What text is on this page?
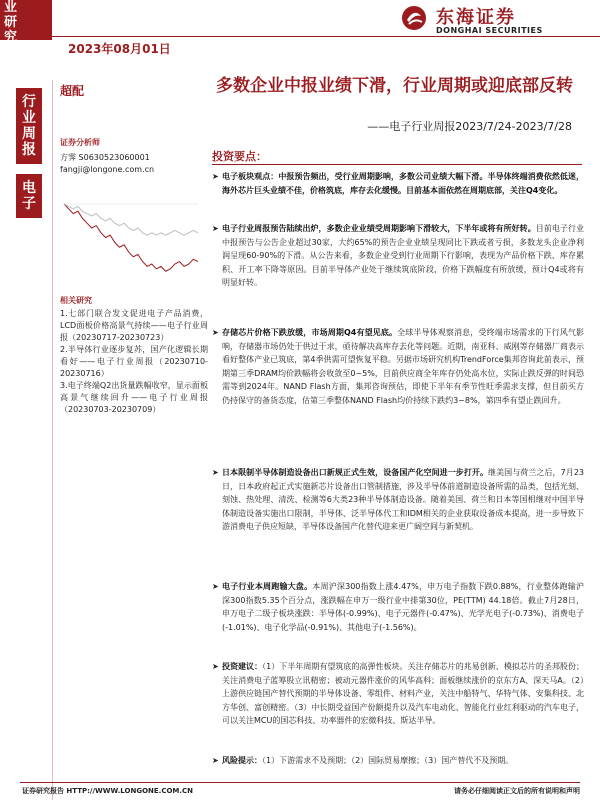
业研究
2023年08月01日
东海证券
DONGHAI SECURITIES
行业周报
电子
超配
证券分析师
方霁 S0630523060001
fangji@longone.com.cn
相关研究

1.七部门联合发文促进电子产品消费，LCD面板价格高景气持续——电子行业周报（20230717-20230723）

2.半导体行业逐步复苏，国产化逻辑长期看好——电子行业周报（20230710-20230716）

3.电子终端Q2出货量跌幅收窄，显示面板高景气继续回升——电子行业周报（20230703-20230709）

多数企业中报业绩下滑，行业周期或迎底部反转
——电子行业周报2023/7/24-2023/7/28
投资要点：
➤ 电子板块观点：中报预告频出，受行业周期影响，多数公司业绩大幅下滑。半导体终端消费依然低迷，海外芯片巨头业绩不佳，价格筑底，库存去化缓慢。目前基本面依然在周期底部，关注Q4变化。
➤ 电子行业周报预告陆续出炉，多数企业业绩受周期影响下滑较大，下半年或将有所好转。目前电子行业中报预告与公告企业超过30家，大约65%的预告企业业绩呈现同比下跌或者亏损，多数龙头企业净利润呈现60-90%的下滑。从公告来看，多数企业受到行业周期下行影响，表现为产品价格下跌、库存累积、开工率下降等原因。目前半导体产业处于继续筑底阶段，价格下跌幅度有所放缓，预计Q4或将有明显好转。
➤ 存储芯片价格下跌放缓，市场周期Q4有望见底。全球半导体观察消息，受终端市场需求的下行风气影响，存储器市场仍处于供过于求，亟待解决高库存去化等问题。近期，南亚科、威刚等存储器厂商表示看好整体产业已筑底，第4季供需可望恢复平稳。另据市场研究机构TrendForce集邦咨询此前表示，预期第三季DRAM均价跌幅将会收敛至0~5%，目前供应商全年库存仍处高水位，实际止跌反弹的时间恐需等到2024年。NAND Flash方面，集邦咨询预估，即使下半年有季节性旺季需求支撑，但目前买方仍持保守的备货态度，估第三季整体NAND Flash均价持续下跌约3~8%，第四季有望止跌回升。
➤ 日本限制半导体制造设备出口新规正式生效，设备国产化空间进一步打开。继美国与荷兰之后，7月23日，日本政府起正式实施新芯片设备出口管制措施，涉及半导体前道制造设备所需的品类，包括光刻、刻蚀、热处理、清洗、检测等6大类23种半导体制造设备。随着美国、荷兰和日本等国相继对中国半导体制造设备实施出口限制，半导体、泛半导体代工和IDM相关的企业获取设备成本提高，进一步导致下游消费电子供应短缺，半导体设备国产化替代迎来更广阔空间与新契机。
➤ 电子行业本周跑输大盘。本周沪深300指数上涨4.47%，申万电子指数下跌0.88%，行业整体跑输沪深300指数5.35个百分点，涨跌幅在申万一级行业中排第30位，PE(TTM) 44.18倍。截止7月28日，申万电子二级子板块涨跌：半导体(-0.99%)、电子元器件(-0.47%)、光学光电子(-0.73%)、消费电子(-1.01%)、电子化学品(-0.91%)、其他电子(-1.56%)。
➤ 投资建议：（1）下半年周期有望筑底的高弹性板块。关注存储芯片的兆易创新、模拟芯片的圣邦股份；关注消费电子蓝筹股立讯精密；被动元器件涨价的风华高科；面板继续涨价的京东方A、深天马A。（2）上游供应链国产替代预期的半导体设备、零组件、材料产业，关注中船特气、华特气体、安集科技、北方华创、富创精密。（3）中长期受益国产份额提升以及汽车电动化、智能化行业红利驱动的汽车电子，可以关注MCU的国芯科技、功率器件的宏微科技、斯达半导。
➤ 风险提示：（1）下游需求不及预期；（2）国际贸易摩擦；（3）国产替代不及预期。
证券研究报告 HTTP://WWW.LONGONE.COM.CN	请务必仔细阅读正文后的所有说明和声明
